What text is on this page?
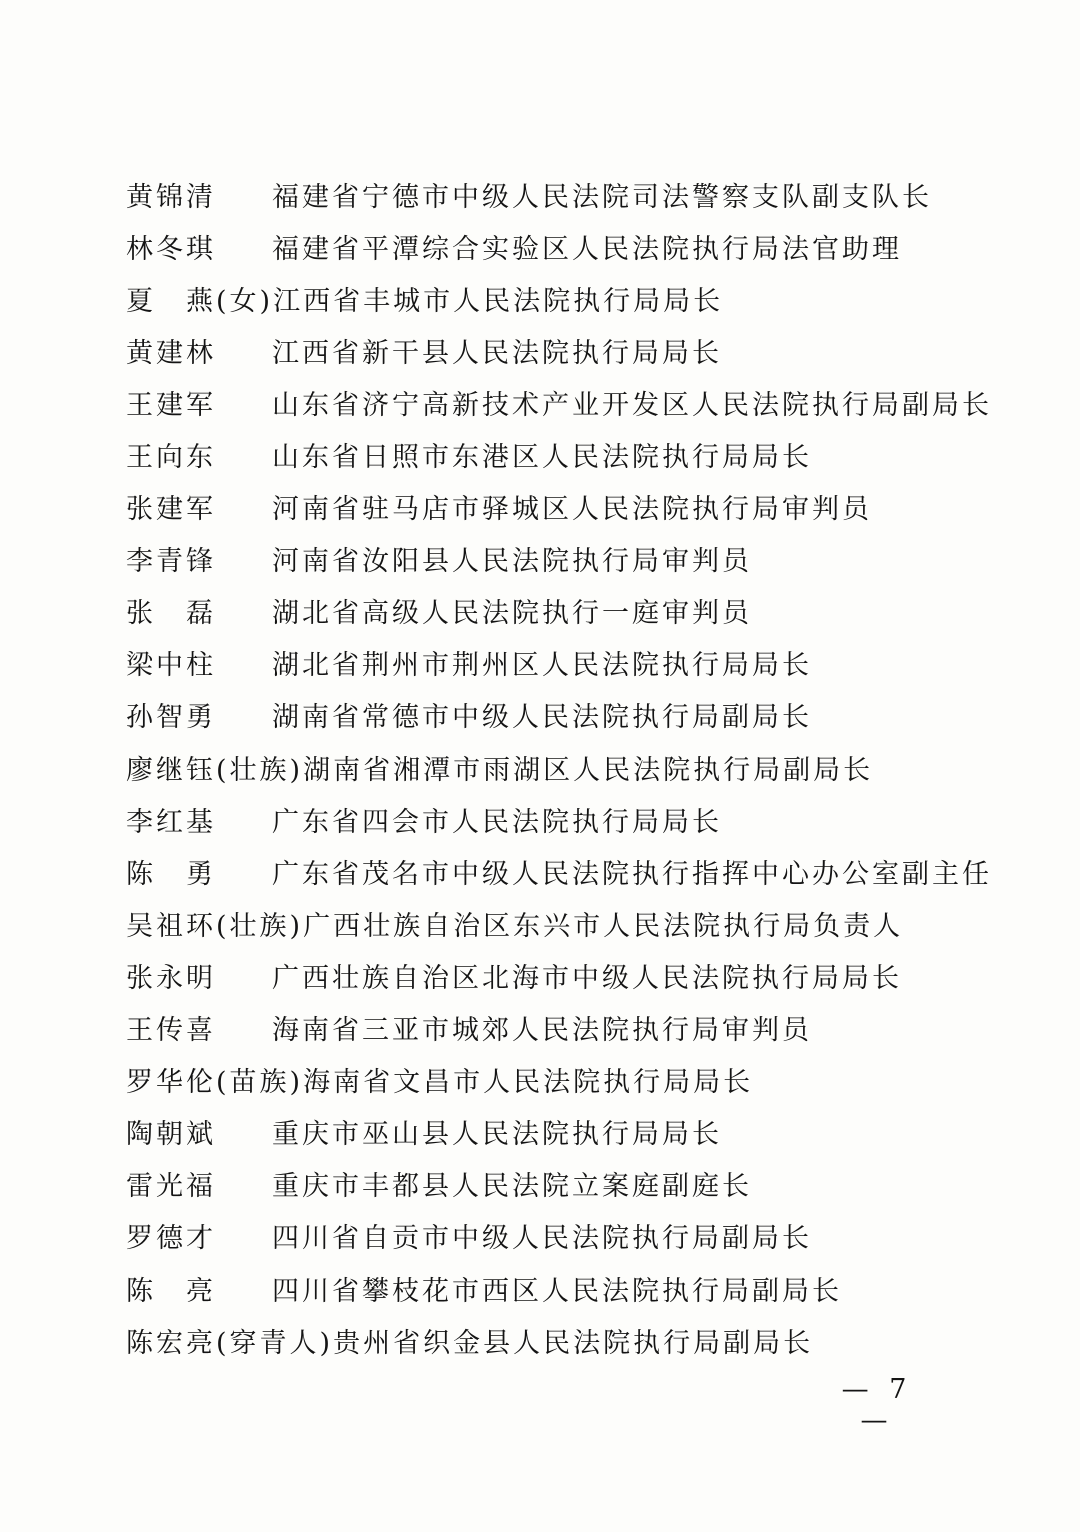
黄锦清	福建省宁德市中级人民法院司法警察支队副支队长
林冬琪	福建省平潭综合实验区人民法院执行局法官助理
夏　燕(女) 江西省丰城市人民法院执行局局长
黄建林	江西省新干县人民法院执行局局长
王建军	山东省济宁高新技术产业开发区人民法院执行局副局长
王向东	山东省日照市东港区人民法院执行局局长
张建军	河南省驻马店市驿城区人民法院执行局审判员
李青锋	河南省汝阳县人民法院执行局审判员
张　磊	湖北省高级人民法院执行一庭审判员
梁中柱	湖北省荆州市荆州区人民法院执行局局长
孙智勇	湖南省常德市中级人民法院执行局副局长
廖继钰(壮族) 湖南省湘潭市雨湖区人民法院执行局副局长
李红基	广东省四会市人民法院执行局局长
陈　勇	广东省茂名市中级人民法院执行指挥中心办公室副主任
吴祖环(壮族) 广西壮族自治区东兴市人民法院执行局负责人
张永明	广西壮族自治区北海市中级人民法院执行局局长
王传喜	海南省三亚市城郊人民法院执行局审判员
罗华伦(苗族) 海南省文昌市人民法院执行局局长
陶朝斌	重庆市巫山县人民法院执行局局长
雷光福	重庆市丰都县人民法院立案庭副庭长
罗德才	四川省自贡市中级人民法院执行局副局长
陈　亮	四川省攀枝花市西区人民法院执行局副局长
陈宏亮(穿青人) 贵州省织金县人民法院执行局副局长
— 7 —
